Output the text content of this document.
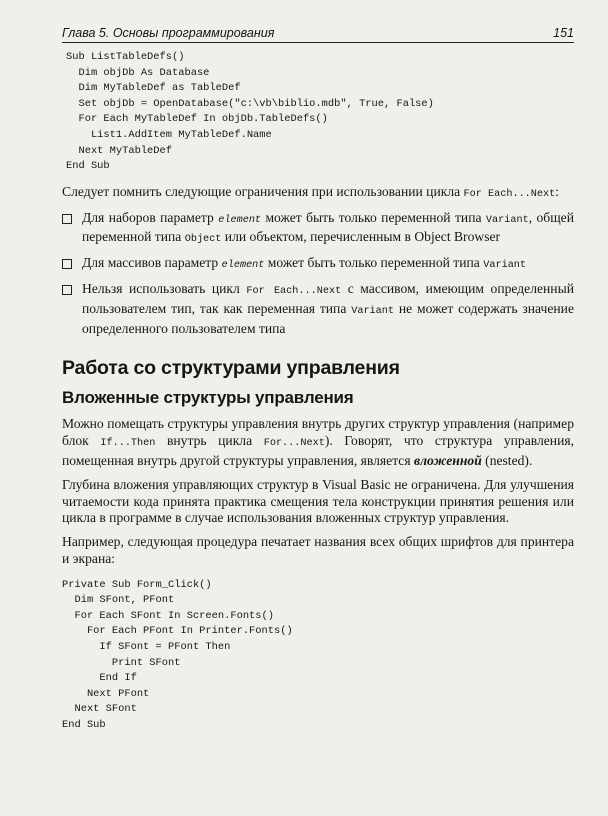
Глава 5. Основы программирования	151
Sub ListTableDefs()
Dim objDb As Database
Dim MyTableDef as TableDef
Set objDb = OpenDatabase("c:\vb\biblio.mdb", True, False)
For Each MyTableDef In objDb.TableDefs()
List1.AddItem MyTableDef.Name
Next MyTableDef
End Sub

Следует помнить следующие ограничения при использовании цикла For Each...Next:

Для наборов параметр element может быть только переменной типа Variant, общей переменной типа Object или объектом, перечисленным в Object Browser
Для массивов параметр element может быть только переменной типа Variant
Нельзя использовать цикл For Each...Next с массивом, имеющим определенный пользователем тип, так как переменная типа Variant не может содержать значение определенного пользователем типа
Работа со структурами управления
Вложенные структуры управления

Можно помещать структуры управления внутрь других структур управления (например блок If...Then внутрь цикла For...Next). Говорят, что структура управления, помещенная внутрь другой структуры управления, является вложенной (nested).

Глубина вложения управляющих структур в Visual Basic не ограничена. Для улучшения читаемости кода принята практика смещения тела конструкции принятия решения или цикла в программе в случае использования вложенных структур управления.

Например, следующая процедура печатает названия всех общих шрифтов для принтера и экрана:

Private Sub Form_Click()
Dim SFont, PFont
For Each SFont In Screen.Fonts()
For Each PFont In Printer.Fonts()
If SFont = PFont Then
Print SFont
End If
Next PFont
Next SFont
End Sub
